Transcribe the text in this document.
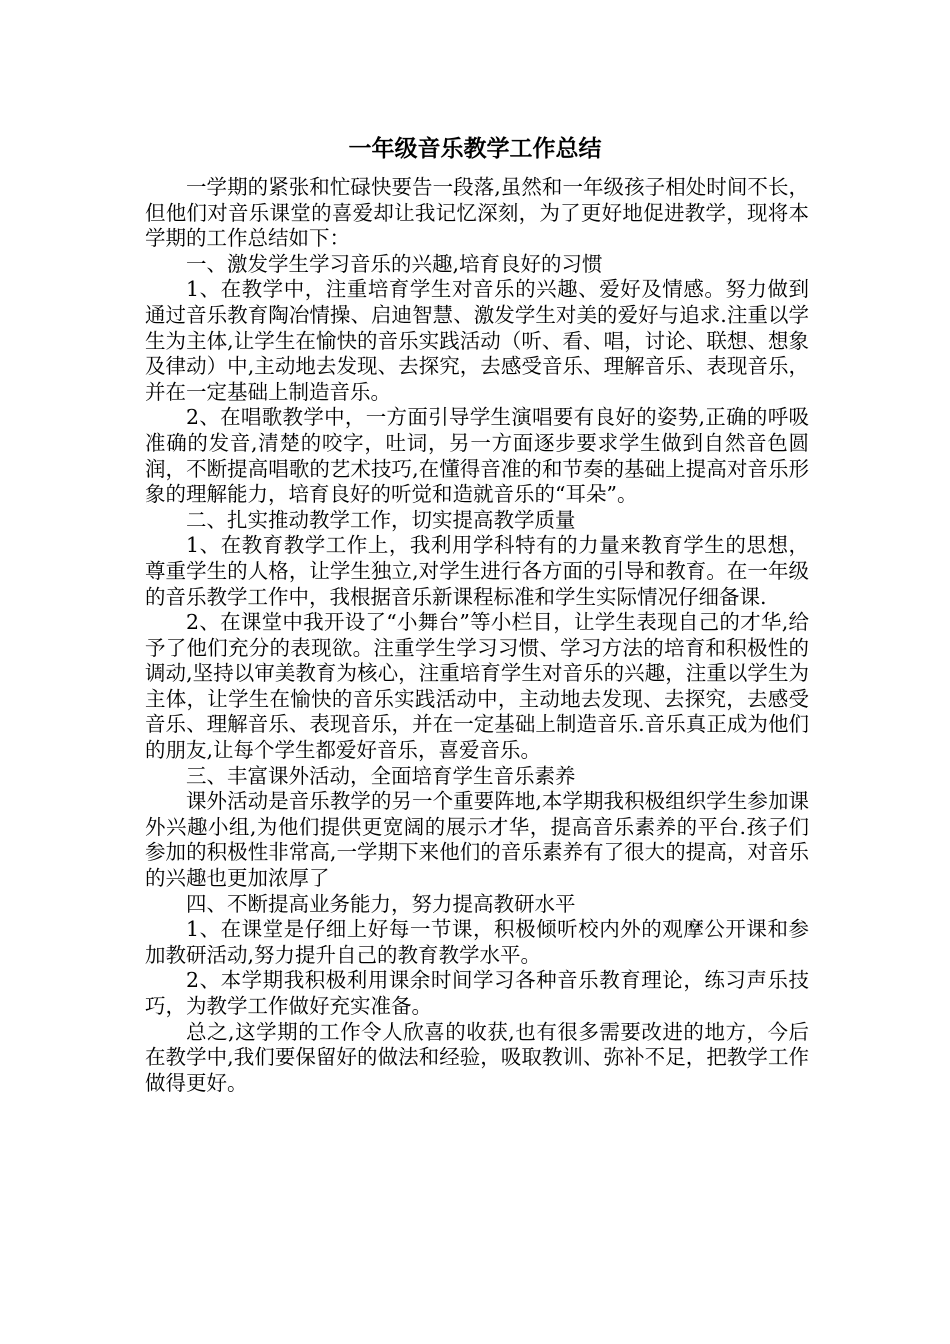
一年级音乐教学工作总结

一学期的紧张和忙碌快要告一段落,虽然和一年级孩子相处时间不长，但他们对音乐课堂的喜爱却让我记忆深刻，为了更好地促进教学，现将本学期的工作总结如下：

一、激发学生学习音乐的兴趣,培育良好的习惯

1、在教学中，注重培育学生对音乐的兴趣、爱好及情感。努力做到通过音乐教育陶冶情操、启迪智慧、激发学生对美的爱好与追求.注重以学生为主体,让学生在愉快的音乐实践活动（听、看、唱，讨论、联想、想象及律动）中,主动地去发现、去探究，去感受音乐、理解音乐、表现音乐，并在一定基础上制造音乐。

2、在唱歌教学中，一方面引导学生演唱要有良好的姿势,正确的呼吸准确的发音,清楚的咬字，吐词，另一方面逐步要求学生做到自然音色圆润，不断提高唱歌的艺术技巧,在懂得音准的和节奏的基础上提高对音乐形象的理解能力，培育良好的听觉和造就音乐的“耳朵”。

二、扎实推动教学工作，切实提高教学质量

1、在教育教学工作上，我利用学科特有的力量来教育学生的思想，尊重学生的人格，让学生独立,对学生进行各方面的引导和教育。在一年级的音乐教学工作中，我根据音乐新课程标准和学生实际情况仔细备课.

2、在课堂中我开设了“小舞台”等小栏目，让学生表现自己的才华,给予了他们充分的表现欲。注重学生学习习惯、学习方法的培育和积极性的调动,坚持以审美教育为核心，注重培育学生对音乐的兴趣，注重以学生为主体，让学生在愉快的音乐实践活动中，主动地去发现、去探究，去感受音乐、理解音乐、表现音乐，并在一定基础上制造音乐.音乐真正成为他们的朋友,让每个学生都爱好音乐，喜爱音乐。

三、丰富课外活动，全面培育学生音乐素养

课外活动是音乐教学的另一个重要阵地,本学期我积极组织学生参加课外兴趣小组,为他们提供更宽阔的展示才华，提高音乐素养的平台.孩子们参加的积极性非常高,一学期下来他们的音乐素养有了很大的提高，对音乐的兴趣也更加浓厚了

四、不断提高业务能力，努力提高教研水平

1、在课堂是仔细上好每一节课，积极倾听校内外的观摩公开课和参加教研活动,努力提升自己的教育教学水平。

2、本学期我积极利用课余时间学习各种音乐教育理论，练习声乐技巧，为教学工作做好充实准备。

总之,这学期的工作令人欣喜的收获,也有很多需要改进的地方，今后在教学中,我们要保留好的做法和经验，吸取教训、弥补不足，把教学工作做得更好。
